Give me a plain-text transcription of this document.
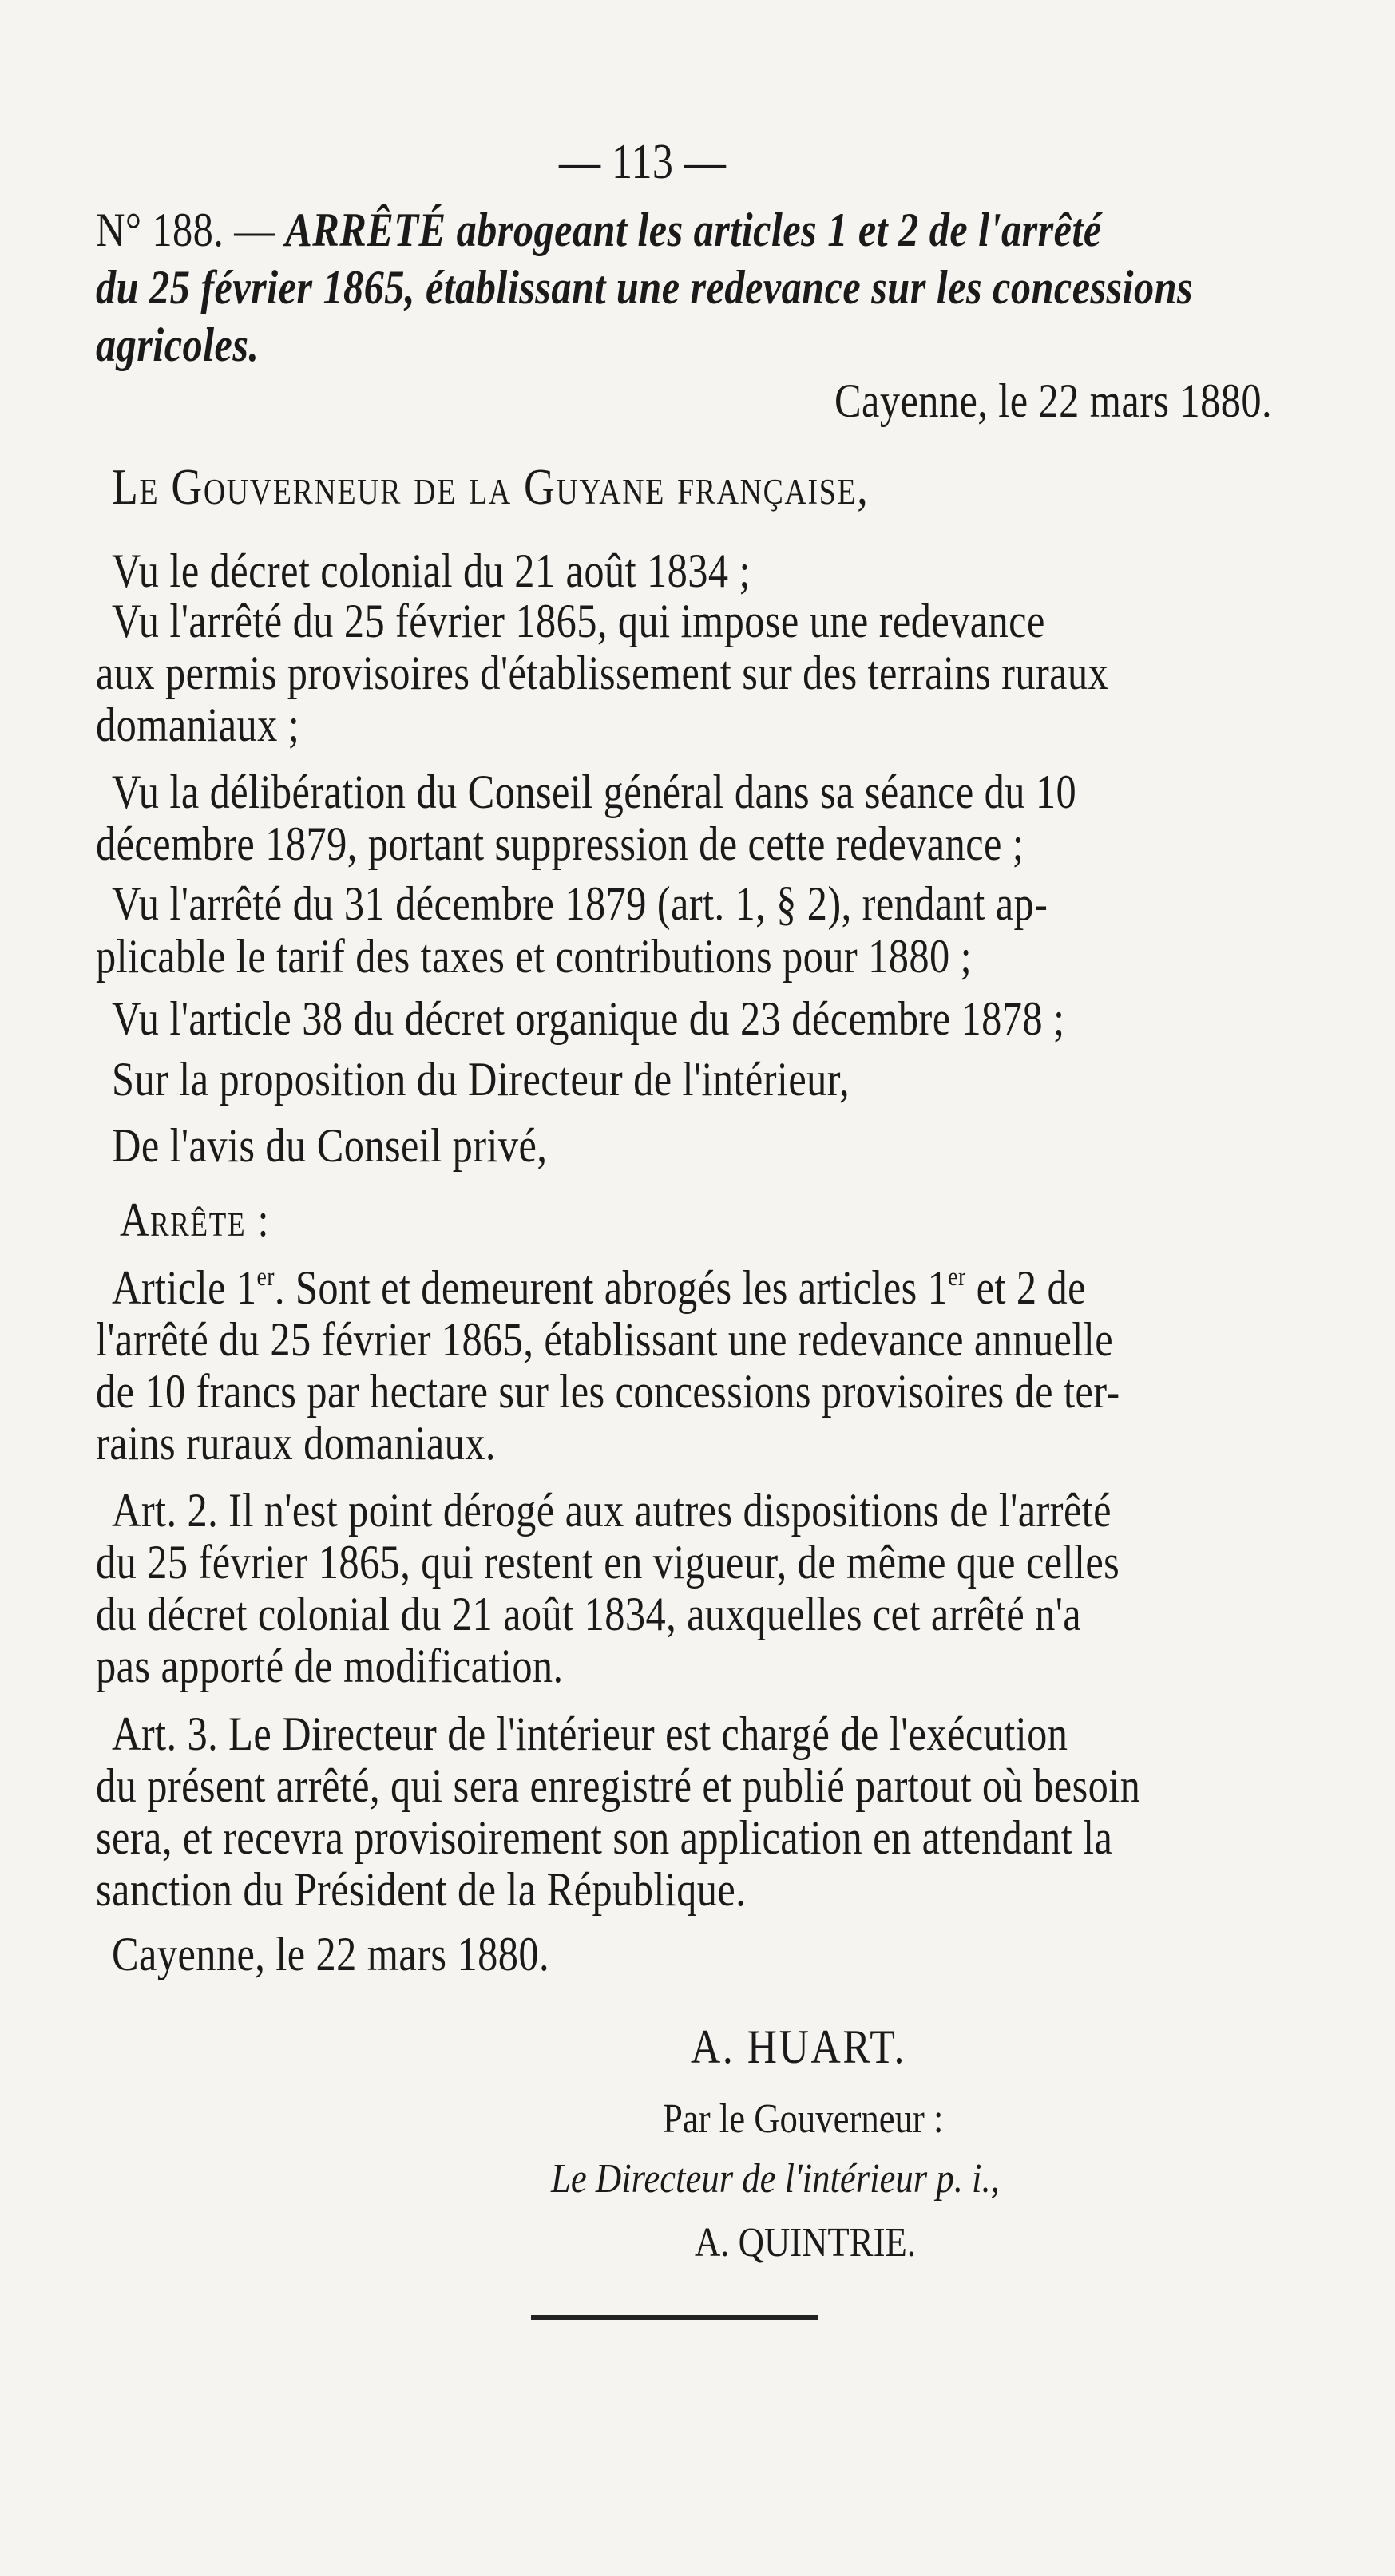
— 113 —
N° 188. — ARRÊTÉ abrogeant les articles 1 et 2 de l'arrêté
du 25 février 1865, établissant une redevance sur les concessions
agricoles.
Cayenne, le 22 mars 1880.
Le Gouverneur de la Guyane française,
Vu le décret colonial du 21 août 1834 ;
Vu l'arrêté du 25 février 1865, qui impose une redevance
aux permis provisoires d'établissement sur des terrains ruraux
domaniaux ;
Vu la délibération du Conseil général dans sa séance du 10
décembre 1879, portant suppression de cette redevance ;
Vu l'arrêté du 31 décembre 1879 (art. 1, § 2), rendant ap-
plicable le tarif des taxes et contributions pour 1880 ;
Vu l'article 38 du décret organique du 23 décembre 1878 ;
Sur la proposition du Directeur de l'intérieur,
De l'avis du Conseil privé,
Arrête :
Article 1er. Sont et demeurent abrogés les articles 1er et 2 de
l'arrêté du 25 février 1865, établissant une redevance annuelle
de 10 francs par hectare sur les concessions provisoires de ter-
rains ruraux domaniaux.
Art. 2. Il n'est point dérogé aux autres dispositions de l'arrêté
du 25 février 1865, qui restent en vigueur, de même que celles
du décret colonial du 21 août 1834, auxquelles cet arrêté n'a
pas apporté de modification.
Art. 3. Le Directeur de l'intérieur est chargé de l'exécution
du présent arrêté, qui sera enregistré et publié partout où besoin
sera, et recevra provisoirement son application en attendant la
sanction du Président de la République.
Cayenne, le 22 mars 1880.
A. HUART.
Par le Gouverneur :
Le Directeur de l'intérieur p. i.,
A. QUINTRIE.
